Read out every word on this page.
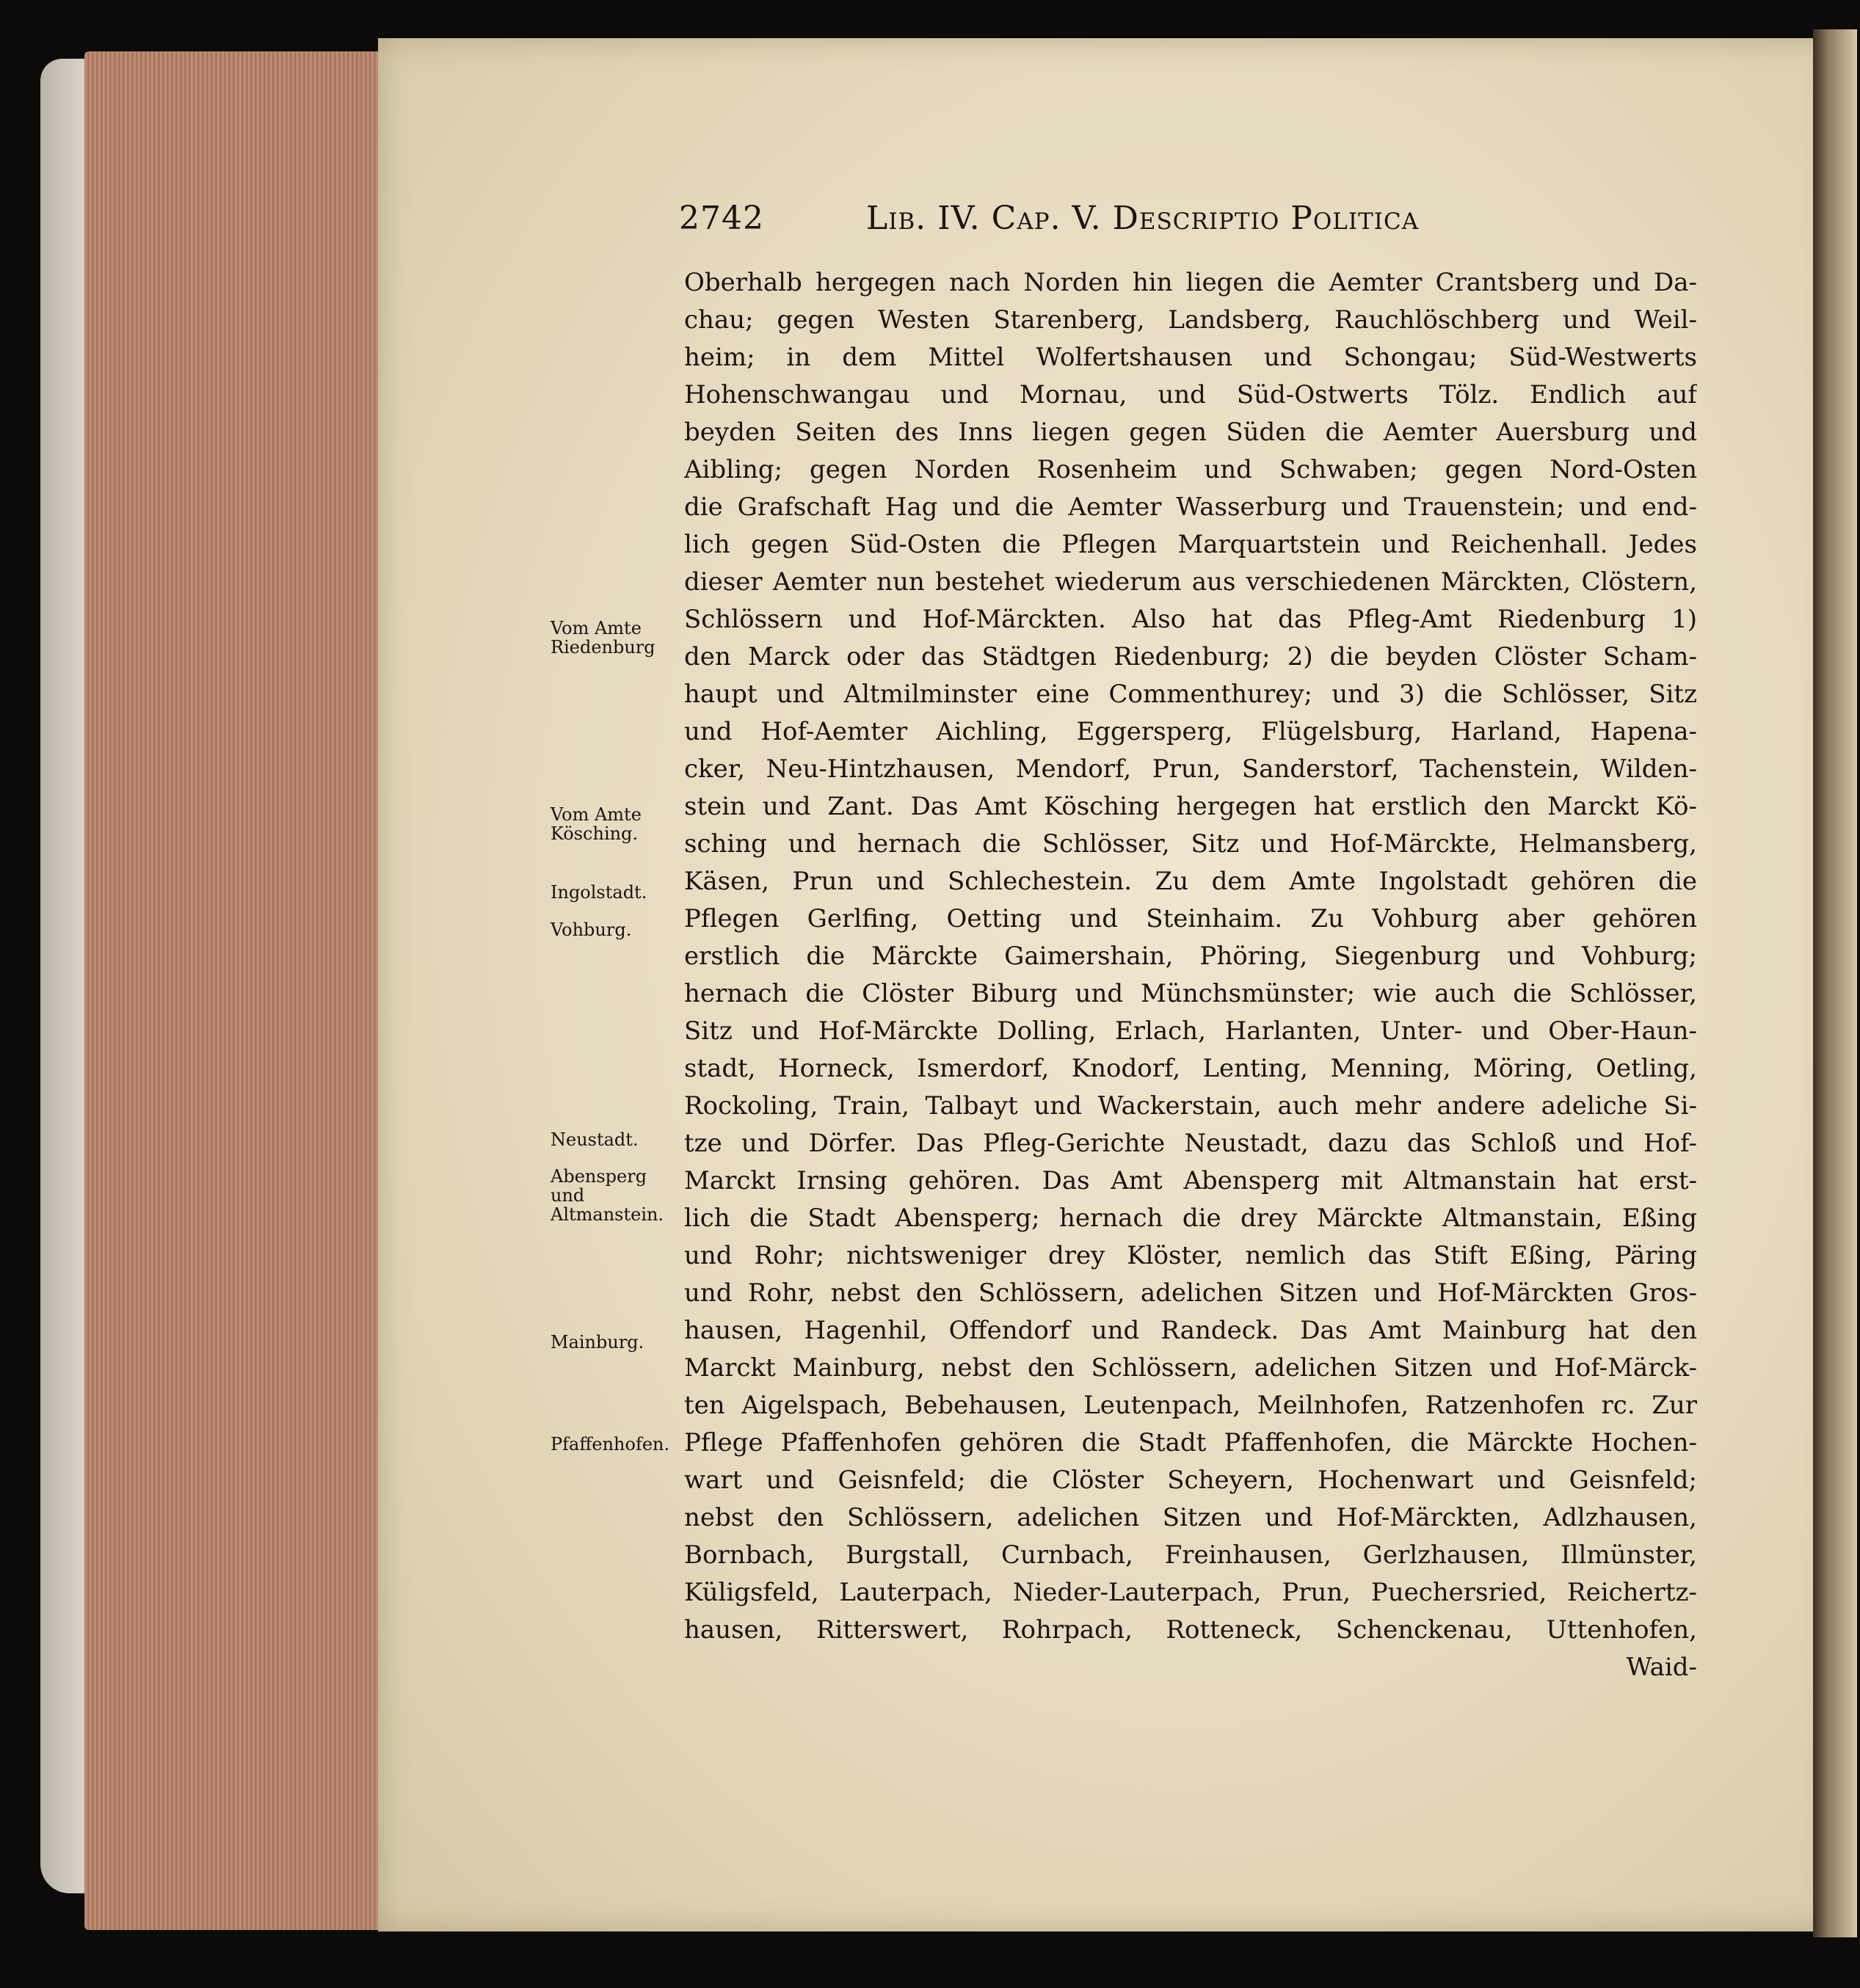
2742	Lib. IV. Cap. V. Descriptio Politica
Oberhalb hergegen nach Norden hin liegen die Aemter Crantsberg und Da-
chau; gegen Westen Starenberg, Landsberg, Rauchlöschberg und Weil-
heim; in dem Mittel Wolfertshausen und Schongau; Süd-Westwerts
Hohenschwangau und Mornau, und Süd-Ostwerts Tölz. Endlich auf
beyden Seiten des Inns liegen gegen Süden die Aemter Auersburg und
Aibling; gegen Norden Rosenheim und Schwaben; gegen Nord-Osten
die Grafschaft Hag und die Aemter Wasserburg und Trauenstein; und end-
lich gegen Süd-Osten die Pflegen Marquartstein und Reichenhall. Jedes
dieser Aemter nun bestehet wiederum aus verschiedenen Märckten, Clöstern,
Schlössern und Hof-Märckten. Also hat das Pfleg-Amt Riedenburg 1)
den Marck oder das Städtgen Riedenburg; 2) die beyden Clöster Scham-
haupt und Altmilminster eine Commenthurey; und 3) die Schlösser, Sitz
und Hof-Aemter Aichling, Eggersperg, Flügelsburg, Harland, Hapena-
cker, Neu-Hintzhausen, Mendorf, Prun, Sanderstorf, Tachenstein, Wilden-
stein und Zant. Das Amt Kösching hergegen hat erstlich den Marckt Kö-
sching und hernach die Schlösser, Sitz und Hof-Märckte, Helmansberg,
Käsen, Prun und Schlechestein. Zu dem Amte Ingolstadt gehören die
Pflegen Gerlfing, Oetting und Steinhaim. Zu Vohburg aber gehören
erstlich die Märckte Gaimershain, Phöring, Siegenburg und Vohburg;
hernach die Clöster Biburg und Münchsmünster; wie auch die Schlösser,
Sitz und Hof-Märckte Dolling, Erlach, Harlanten, Unter- und Ober-Haun-
stadt, Horneck, Ismerdorf, Knodorf, Lenting, Menning, Möring, Oetling,
Rockoling, Train, Talbayt und Wackerstain, auch mehr andere adeliche Si-
tze und Dörfer. Das Pfleg-Gerichte Neustadt, dazu das Schloß und Hof-
Marckt Irnsing gehören. Das Amt Abensperg mit Altmanstain hat erst-
lich die Stadt Abensperg; hernach die drey Märckte Altmanstain, Eßing
und Rohr; nichtsweniger drey Klöster, nemlich das Stift Eßing, Päring
und Rohr, nebst den Schlössern, adelichen Sitzen und Hof-Märckten Gros-
hausen, Hagenhil, Offendorf und Randeck. Das Amt Mainburg hat den
Marckt Mainburg, nebst den Schlössern, adelichen Sitzen und Hof-Märck-
ten Aigelspach, Bebehausen, Leutenpach, Meilnhofen, Ratzenhofen rc. Zur
Pflege Pfaffenhofen gehören die Stadt Pfaffenhofen, die Märckte Hochen-
wart und Geisnfeld; die Clöster Scheyern, Hochenwart und Geisnfeld;
nebst den Schlössern, adelichen Sitzen und Hof-Märckten, Adlzhausen,
Bornbach, Burgstall, Curnbach, Freinhausen, Gerlzhausen, Illmünster,
Küligsfeld, Lauterpach, Nieder-Lauterpach, Prun, Puechersried, Reichertz-
hausen, Ritterswert, Rohrpach, Rotteneck, Schenckenau, Uttenhofen,
Waid-
Vom Amte Riedenburg
Vom Amte Kösching.
Ingolstadt.
Vohburg.
Neustadt.
Abensperg und Altmanstein.
Mainburg.
Pfaffenhofen.
